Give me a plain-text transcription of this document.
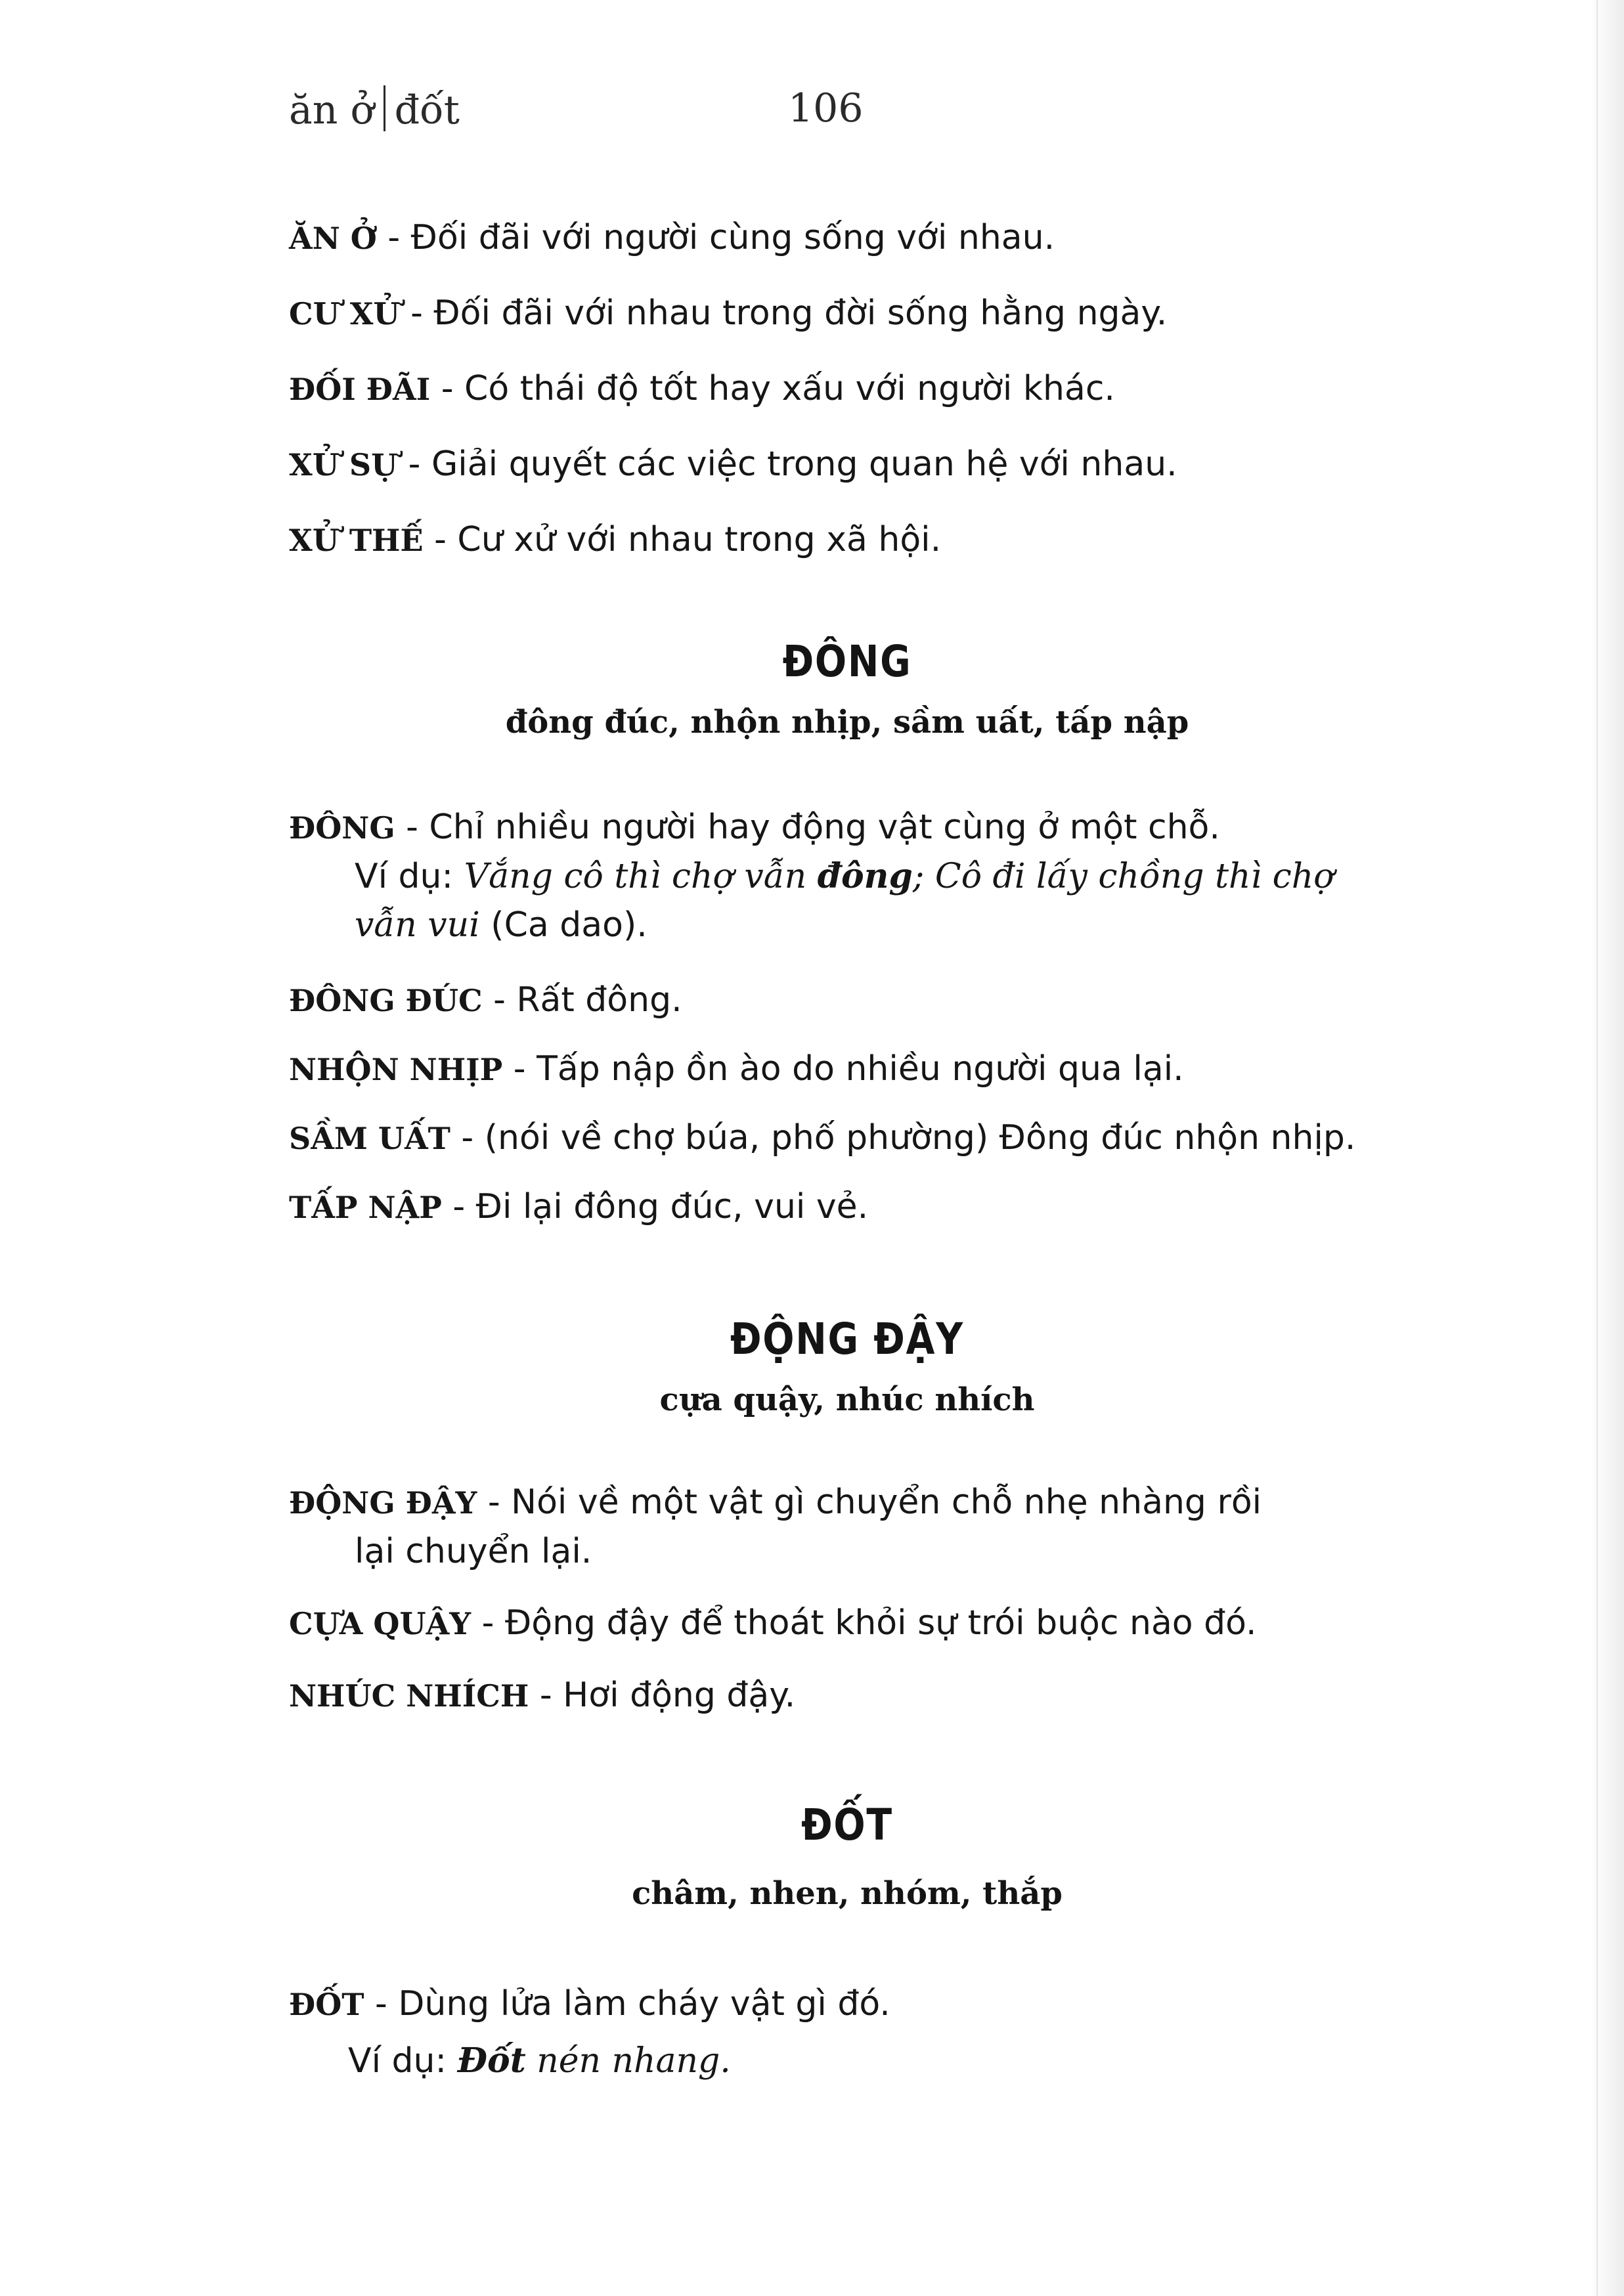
ăn ở đốt	106
ĂN Ở - Đối đãi với người cùng sống với nhau.
CƯ XỬ - Đối đãi với nhau trong đời sống hằng ngày.
ĐỐI ĐÃI - Có thái độ tốt hay xấu với người khác.
XỬ SỰ - Giải quyết các việc trong quan hệ với nhau.
XỬ THẾ - Cư xử với nhau trong xã hội.
ĐÔNG
đông đúc, nhộn nhịp, sầm uất, tấp nập
ĐÔNG - Chỉ nhiều người hay động vật cùng ở một chỗ.
Ví dụ: Vắng cô thì chợ vẫn đông; Cô đi lấy chồng thì chợ
vẫn vui (Ca dao).
ĐÔNG ĐÚC - Rất đông.
NHỘN NHỊP - Tấp nập ồn ào do nhiều người qua lại.
SẦM UẤT - (nói về chợ búa, phố phường) Đông đúc nhộn nhịp.
TẤP NẬP - Đi lại đông đúc, vui vẻ.
ĐỘNG ĐẬY
cựa quậy, nhúc nhích
ĐỘNG ĐẬY - Nói về một vật gì chuyển chỗ nhẹ nhàng rồi
lại chuyển lại.
CỰA QUẬY - Động đậy để thoát khỏi sự trói buộc nào đó.
NHÚC NHÍCH - Hơi động đậy.
ĐỐT
châm, nhen, nhóm, thắp
ĐỐT - Dùng lửa làm cháy vật gì đó.
Ví dụ: Đốt nén nhang.
